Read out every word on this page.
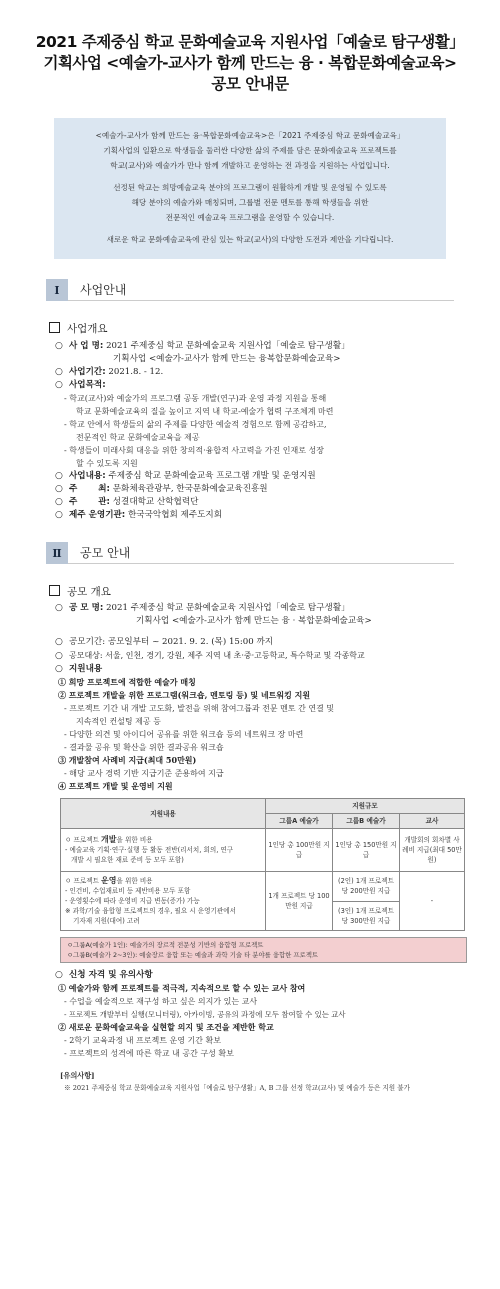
2021 주제중심 학교 문화예술교육 지원사업「예술로 탐구생활」
기획사업 <예술가-교사가 함께 만드는 융 · 복합문화예술교육>
공모 안내문

<예술가-교사가 함께 만드는 융·복합문화예술교육>은「2021 주제중심 학교 문화예술교육」
기획사업의 일환으로 학생들을 둘러싼 다양한 삶의 주제를 담은 문화예술교육 프로젝트를
학교(교사)와 예술가가 만나 함께 개발하고 운영하는 전 과정을 지원하는 사업입니다.

선정된 학교는 희망예술교육 분야의 프로그램이 원활하게 개발 및 운영될 수 있도록
해당 분야의 예술가와 매칭되며, 그룹별 전문 멘토를 통해 학생들을 위한
전문적인 예술교육 프로그램을 운영할 수 있습니다.

새로운 학교 문화예술교육에 관심 있는 학교(교사)의 다양한 도전과 제안을 기다립니다.

Ⅰ	사업안내
사업개요
○ 사 업 명: 2021 주제중심 학교 문화예술교육 지원사업「예술로 탐구생활」
기획사업 <예술가-교사가 함께 만드는 융복합문화예술교육>
○ 사업기간: 2021.8. - 12.
○ 사업목적:
- 학교(교사)와 예술가의 프로그램 공동 개발(연구)과 운영 과정 지원을 통해
학교 문화예술교육의 질을 높이고 지역 내 학교-예술가 협력 구조체계 마련
- 학교 안에서 학생들의 삶의 주제를 다양한 예술적 경험으로 함께 공감하고,
전문적인 학교 문화예술교육을 제공
- 학생들이 미래사회 대응을 위한 창의적·융합적 사고력을 가진 인재로 성장
할 수 있도록 지원
○ 사업내용: 주제중심 학교 문화예술교육 프로그램 개발 및 운영지원
○ 주       최: 문화체육관광부, 한국문화예술교육진흥원
○ 주       관: 성결대학교 산학협력단
○ 제주 운영기관: 한국국악협회 제주도지회
Ⅱ	공모 안내
공모 개요
○ 공 모 명: 2021 주제중심 학교 문화예술교육 지원사업「예술로 탐구생활」
기획사업 <예술가-교사가 함께 만드는 융 · 복합문화예술교육>
○ 공모기간: 공모일부터 ~ 2021. 9. 2. (목) 15:00 까지
○ 공모대상: 서울, 인천, 경기, 강원, 제주 지역 내 초·중·고등학교, 특수학교 및 각종학교
○ 지원내용
① 희망 프로젝트에 적합한 예술가 매칭
② 프로젝트 개발을 위한 프로그램(워크숍, 멘토링 등) 및 네트워킹 지원
- 프로젝트 기간 내 개발 고도화, 발전을 위해 참여그룹과 전문 멘토 간 연결 및
지속적인 컨설팅 제공 등
- 다양한 의견 및 아이디어 공유를 위한 워크숍 등의 네트워크 장 마련
- 결과물 공유 및 확산을 위한 결과공유 워크숍
③ 개발참여 사례비 지급(최대 50만원)
- 해당 교사 경력 기반 지급기준 준용하여 지급
④ 프로젝트 개발 및 운영비 지원
지원내용	지원규모		
	그룹A 예술가	그룹B 예술가	교사

ㅇ 프로젝트 개발을 위한 비용
- 예술교육 기획·연구·실행 등 활동 전반(리서치, 회의, 연구
개발 시 필요한 재료 준비 등 모두 포함)	1인당 총 100만원 지급	1인당 총 150만원 지급	개발회의 회차별 사례비 지급(최대 50만원)

ㅇ 프로젝트 운영을 위한 비용
- 인건비, 수업재료비 등 제반비용 모두 포함
- 운영횟수에 따라 운영비 지급 변동(증가) 가능
※ 과학/기술 융합형 프로젝트의 경우, 필요 시 운영기관에서
기자재 지원(대여) 고려	1개 프로젝트 당 100만원 지급	(2인) 1개 프로젝트 당 200만원 지급	-
		(3인) 1개 프로젝트 당 300만원 지급	
ㅇ그룹A(예술가 1인): 예술가의 장르적 전문성 기반의 융합형 프로젝트
ㅇ그룹B(예술가 2~3인): 예술장르 융합 또는 예술과 과학 기술 타 분야를 융합한 프로젝트
○ 신청 자격 및 유의사항
① 예술가와 함께 프로젝트를 적극적, 지속적으로 할 수 있는 교사 참여
- 수업을 예술적으로 재구성 하고 싶은 의지가 있는 교사
- 프로젝트 개발부터 실행(모니터링), 아카이빙, 공유의 과정에 모두 참여할 수 있는 교사
② 새로운 문화예술교육을 실현할 의지 및 조건을 제반한 학교
- 2학기 교육과정 내 프로젝트 운영 기간 확보
- 프로젝트의 성격에 따른 학교 내 공간 구성 확보
[유의사항]
※ 2021 주제중심 학교 문화예술교육 지원사업「예술로 탐구생활」A, B 그룹 선정 학교(교사) 및 예술가 등은 지원 불가
